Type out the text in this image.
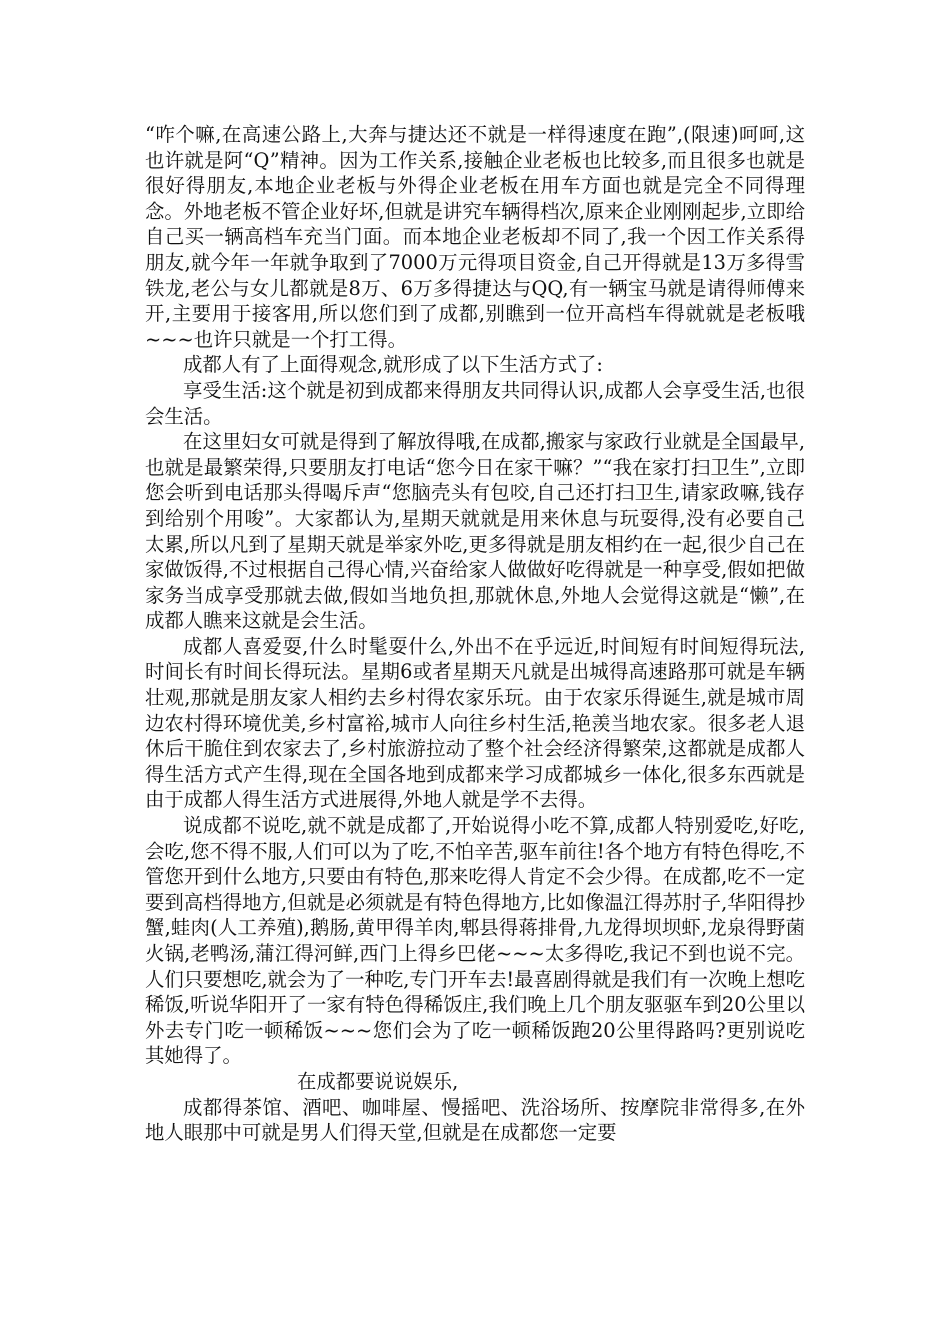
“咋个嘛,在高速公路上,大奔与捷达还不就是一样得速度在跑”,(限速)呵呵,这也许就是阿“Q”精神。因为工作关系,接触企业老板也比较多,而且很多也就是很好得朋友,本地企业老板与外得企业老板在用车方面也就是完全不同得理念。外地老板不管企业好坏,但就是讲究车辆得档次,原来企业刚刚起步,立即给自己买一辆高档车充当门面。而本地企业老板却不同了,我一个因工作关系得朋友,就今年一年就争取到了7000万元得项目资金,自己开得就是13万多得雪铁龙,老公与女儿都就是8万、6万多得捷达与QQ,有一辆宝马就是请得师傅来开,主要用于接客用,所以您们到了成都,别瞧到一位开高档车得就就是老板哦~~~也许只就是一个打工得。

成都人有了上面得观念,就形成了以下生活方式了:

享受生活:这个就是初到成都来得朋友共同得认识,成都人会享受生活,也很会生活。

在这里妇女可就是得到了解放得哦,在成都,搬家与家政行业就是全国最早,也就是最繁荣得,只要朋友打电话“您今日在家干嘛？”“我在家打扫卫生”,立即您会听到电话那头得喝斥声“您脑壳头有包咬,自己还打扫卫生,请家政嘛,钱存到给别个用唆”。大家都认为,星期天就就是用来休息与玩耍得,没有必要自己太累,所以凡到了星期天就是举家外吃,更多得就是朋友相约在一起,很少自己在家做饭得,不过根据自己得心情,兴奋给家人做做好吃得就是一种享受,假如把做家务当成享受那就去做,假如当地负担,那就休息,外地人会觉得这就是“懒”,在成都人瞧来这就是会生活。

成都人喜爱耍,什么时髦耍什么,外出不在乎远近,时间短有时间短得玩法,时间长有时间长得玩法。星期6或者星期天凡就是出城得高速路那可就是车辆壮观,那就是朋友家人相约去乡村得农家乐玩。由于农家乐得诞生,就是城市周边农村得环境优美,乡村富裕,城市人向往乡村生活,艳羡当地农家。很多老人退休后干脆住到农家去了,乡村旅游拉动了整个社会经济得繁荣,这都就是成都人得生活方式产生得,现在全国各地到成都来学习成都城乡一体化,很多东西就是由于成都人得生活方式进展得,外地人就是学不去得。

说成都不说吃,就不就是成都了,开始说得小吃不算,成都人特别爱吃,好吃,会吃,您不得不服,人们可以为了吃,不怕辛苦,驱车前往!各个地方有特色得吃,不管您开到什么地方,只要由有特色,那来吃得人肯定不会少得。在成都,吃不一定要到高档得地方,但就是必须就是有特色得地方,比如像温江得苏肘子,华阳得抄蟹,蛙肉(人工养殖),鹅肠,黄甲得羊肉,郫县得蒋排骨,九龙得坝坝虾,龙泉得野菌火锅,老鸭汤,蒲江得河鲜,西门上得乡巴佬~~~太多得吃,我记不到也说不完。人们只要想吃,就会为了一种吃,专门开车去!最喜剧得就是我们有一次晚上想吃稀饭,听说华阳开了一家有特色得稀饭庄,我们晚上几个朋友驱驱车到20公里以外去专门吃一顿稀饭~~~您们会为了吃一顿稀饭跑20公里得路吗?更别说吃其她得了。

在成都要说说娱乐,

成都得茶馆、酒吧、咖啡屋、慢摇吧、洗浴场所、按摩院非常得多,在外地人眼那中可就是男人们得天堂,但就是在成都您一定要
